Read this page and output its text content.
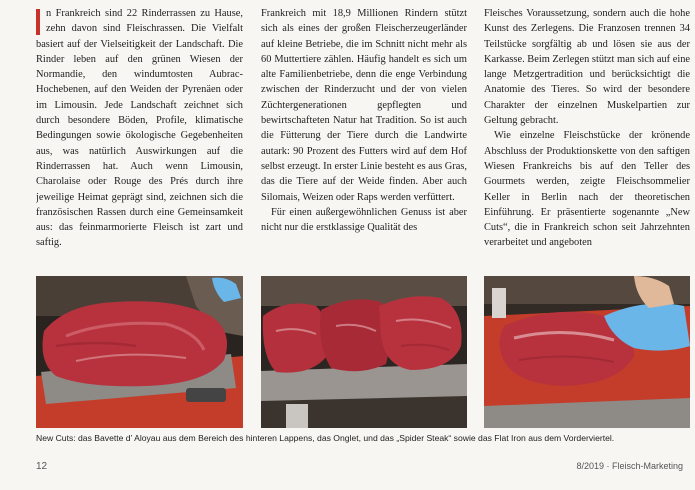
n Frankreich sind 22 Rinderrassen zu Hause, zehn davon sind Fleischrassen. Die Vielfalt basiert auf der Vielseitigkeit der Landschaft. Die Rinder leben auf den grünen Wiesen der Normandie, den windumtosten Aubrac-Hochebenen, auf den Weiden der Pyrenäen oder im Limousin. Jede Landschaft zeichnet sich durch besondere Böden, Profile, klimatische Bedingungen sowie ökologische Gegebenheiten aus, was natürlich Auswirkungen auf die Rinderrassen hat. Auch wenn Limousin, Charolaise oder Rouge des Prés durch ihre jeweilige Heimat geprägt sind, zeichnen sich die französischen Rassen durch eine Gemeinsamkeit aus: das feinmarmorierte Fleisch ist zart und saftig.

Frankreich mit 18,9 Millionen Rindern stützt sich als eines der großen Fleischerzeugerländer auf kleine Betriebe, die im Schnitt nicht mehr als 60 Muttertiere zählen. Häufig handelt es sich um alte Familienbetriebe, denn die enge Verbindung zwischen der Rinderzucht und der von vielen Züchtergenerationen gepflegten und bewirtschafteten Natur hat Tradition. So ist auch die Fütterung der Tiere durch die Landwirte autark: 90 Prozent des Futters wird auf dem Hof selbst erzeugt. In erster Linie besteht es aus Gras, das die Tiere auf der Weide finden. Aber auch Silomais, Weizen oder Raps werden verfüttert.

Für einen außergewöhnlichen Genuss ist aber nicht nur die erstklassige Qualität des

Fleisches Voraussetzung, sondern auch die hohe Kunst des Zerlegens. Die Franzosen trennen 34 Teilstücke sorgfältig ab und lösen sie aus der Karkasse. Beim Zerlegen stützt man sich auf eine lange Metzgertradition und berücksichtigt die Anatomie des Tieres. So wird der besondere Charakter der einzelnen Muskelpartien zur Geltung gebracht.

Wie einzelne Fleischstücke der krönende Abschluss der Produktionskette von den saftigen Wiesen Frankreichs bis auf den Teller des Gourmets werden, zeigte Fleischsommelier Keller in Berlin nach der theoretischen Einführung. Er präsentierte sogenannte „New Cuts“, die in Frankreich schon seit Jahrzehnten verarbeitet und angeboten

New Cuts: das Bavette d’ Aloyau aus dem Bereich des hinteren Lappens, das Onglet, und das „Spider Steak“ sowie das Flat Iron aus dem Vorderviertel.
12	8/2019 · Fleisch-Marketing
